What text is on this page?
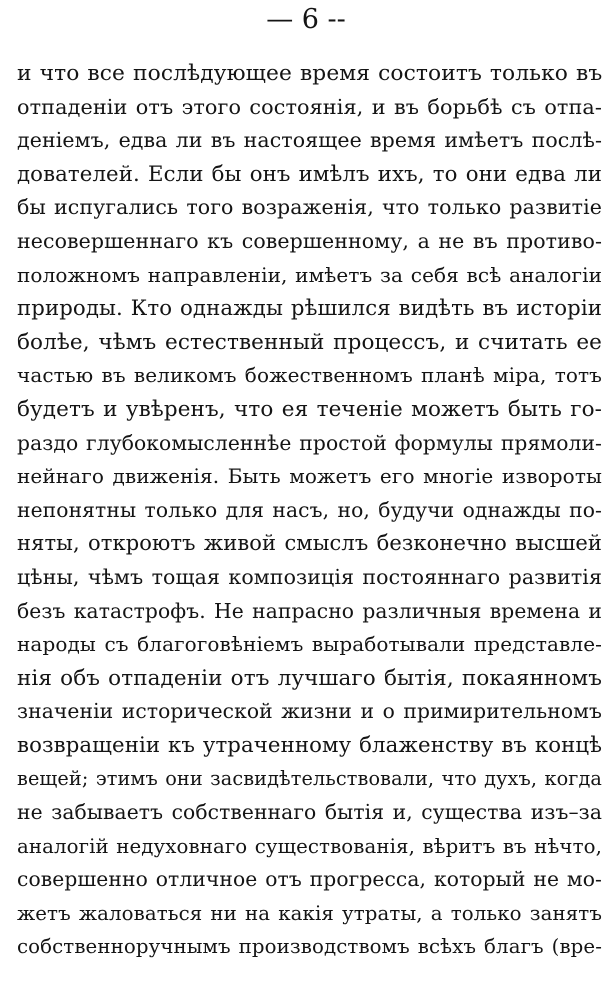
— 6 --
и что все послѣдующее время состоитъ только въ
отпаденіи отъ этого состоянія, и въ борьбѣ съ отпа-
деніемъ, едва ли въ настоящее время имѣетъ послѣ-
дователей. Если бы онъ имѣлъ ихъ, то они едва ли
бы испугались того возраженія, что только развитіе
несовершеннаго къ совершенному, а не въ противо-
положномъ направленіи, имѣетъ за себя всѣ аналогіи
природы. Кто однажды рѣшился видѣть въ исторіи
болѣе, чѣмъ естественный процессъ, и считать ее
частью въ великомъ божественномъ планѣ міра, тотъ
будетъ и увѣренъ, что ея теченіе можетъ быть го-
раздо глубокомысленнѣе простой формулы прямоли-
нейнаго движенія. Быть можетъ его многіе извороты
непонятны только для насъ, но, будучи однажды по-
няты, откроютъ живой смыслъ безконечно высшей
цѣны, чѣмъ тощая композиція постояннаго развитія
безъ катастрофъ. Не напрасно различныя времена и
народы съ благоговѣніемъ выработывали представле-
нія объ отпаденіи отъ лучшаго бытія, покаянномъ
значеніи исторической жизни и о примирительномъ
возвращеніи къ утраченному блаженству въ концѣ
вещей; этимъ они засвидѣтельствовали, что духъ, когда
не забываетъ собственнаго бытія и, существа изъ–за
аналогій недуховнаго существованія, вѣритъ въ нѣчто,
совершенно отличное отъ прогресса, который не мо-
жетъ жаловаться ни на какія утраты, а только занятъ
собственноручнымъ производствомъ всѣхъ благъ (вре-
